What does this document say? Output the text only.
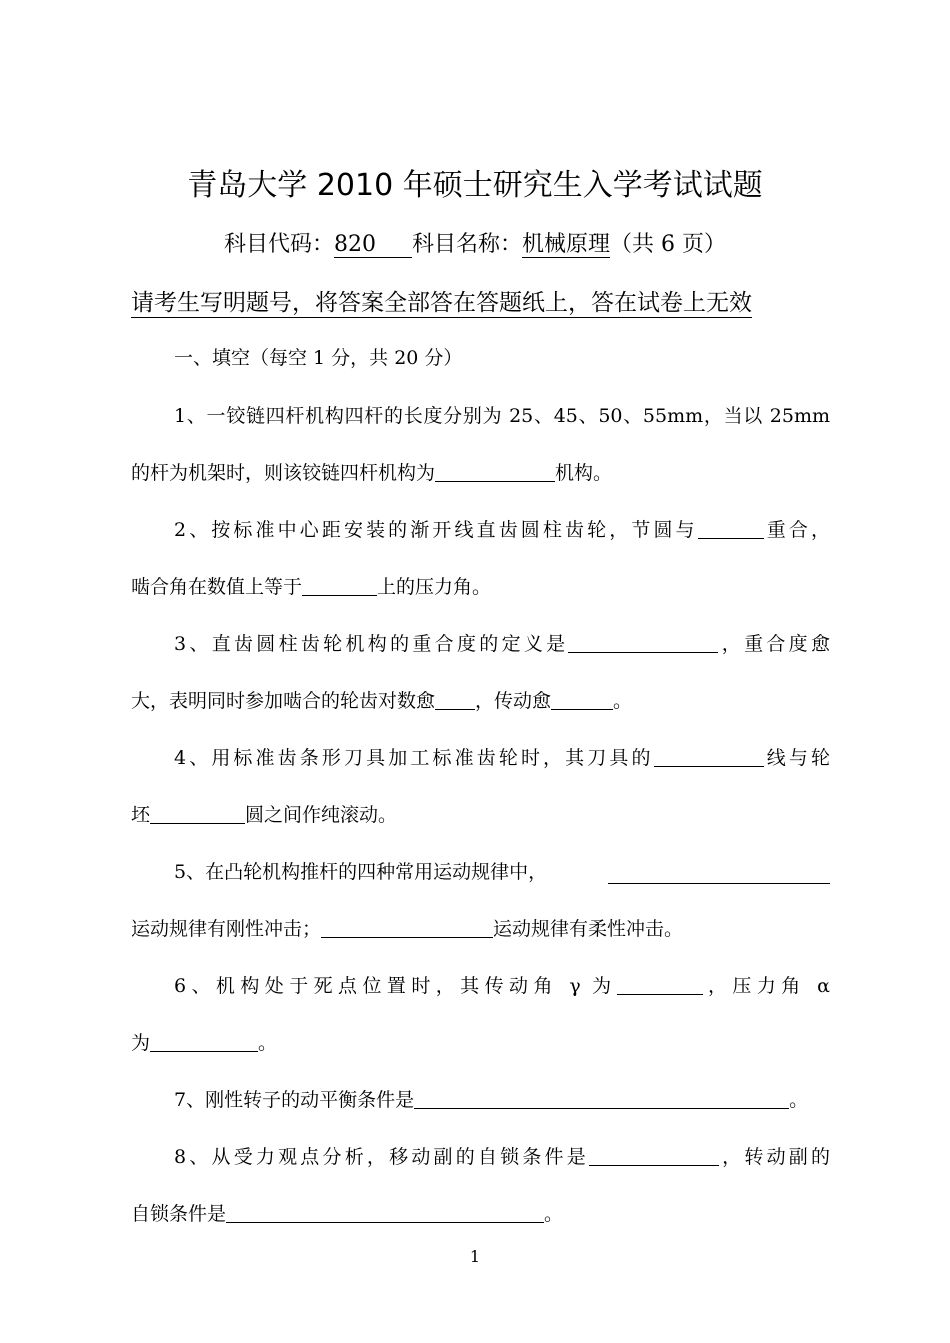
青岛大学 2010 年硕士研究生入学考试试题
科目代码：820 科目名称：机械原理（共 6 页）
请考生写明题号，将答案全部答在答题纸上，答在试卷上无效
一、填空（每空 1 分，共 20 分）
1、一铰链四杆机构四杆的长度分别为 25、45、50、55mm，当以 25mm
的杆为机架时，则该铰链四杆机构为	机构。
2、按标准中心距安装的渐开线直齿圆柱齿轮，节圆与	重合，
啮合角在数值上等于	上的压力角。
3、直齿圆柱齿轮机构的重合度的定义是	，重合度愈
大，表明同时参加啮合的轮齿对数愈 ，传动愈	。
4、用标准齿条形刀具加工标准齿轮时，其刀具的	线与轮
坯	圆之间作纯滚动。
5、在凸轮机构推杆的四种常用运动规律中，
运动规律有刚性冲击；	运动规律有柔性冲击。
6、机构处于死点位置时，其传动角 γ 为	，压力角 α
为	。
7、刚性转子的动平衡条件是	。
8、从受力观点分析，移动副的自锁条件是	，转动副的
自锁条件是	。
1
